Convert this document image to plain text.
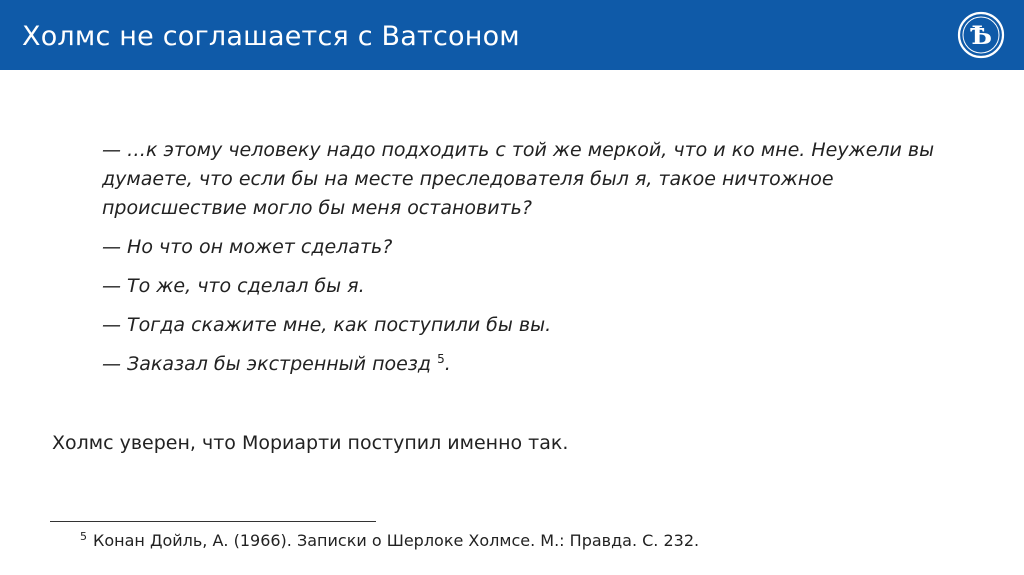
Холмс не соглашается с Ватсоном	Ѣ

— …к этому человеку надо подходить с той же меркой, что и ко мне. Неужели вы думаете, что если бы на месте преследователя был я, такое ничтожное происшествие могло бы меня остановить?

— Но что он может сделать?

— То же, что сделал бы я.

— Тогда скажите мне, как поступили бы вы.

— Заказал бы экстренный поезд $^5$.

Холмс уверен, что Мориарти поступил именно так.
$^5$ Конан Дойль, А. (1966). Записки о Шерлоке Холмсе. М.: Правда. С. 232.
